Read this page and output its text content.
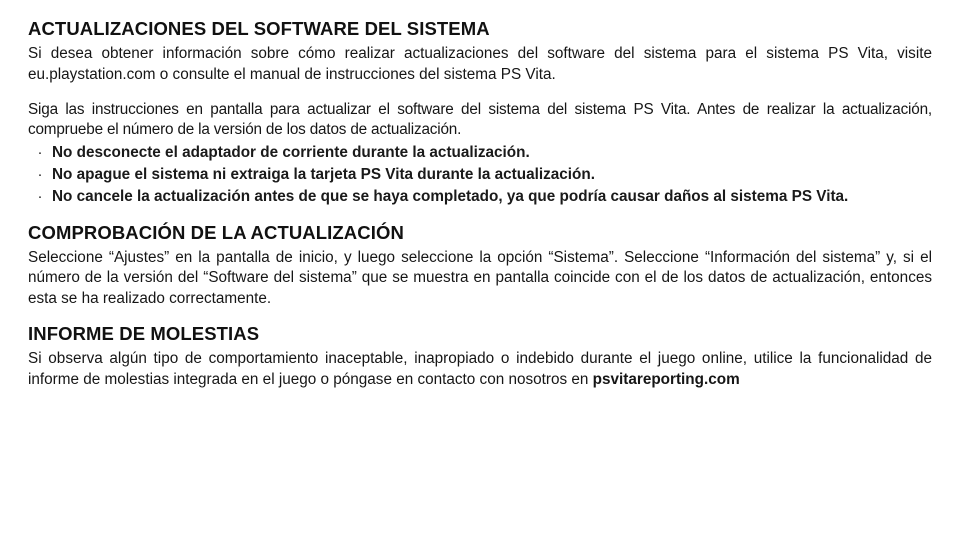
ACTUALIZACIONES DEL SOFTWARE DEL SISTEMA

Si desea obtener información sobre cómo realizar actualizaciones del software del sistema para el sistema PS Vita, visite eu.playstation.com o consulte el manual de instrucciones del sistema PS Vita.

Siga las instrucciones en pantalla para actualizar el software del sistema del sistema PS Vita. Antes de realizar la actualización, compruebe el número de la versión de los datos de actualización.

· No desconecte el adaptador de corriente durante la actualización.
· No apague el sistema ni extraiga la tarjeta PS Vita durante la actualización.
· No cancele la actualización antes de que se haya completado, ya que podría causar daños al sistema PS Vita.
COMPROBACIÓN DE LA ACTUALIZACIÓN

Seleccione “Ajustes” en la pantalla de inicio, y luego seleccione la opción “Sistema”. Seleccione “Información del sistema” y, si el número de la versión del “Software del sistema” que se muestra en pantalla coincide con el de los datos de actualización, entonces esta se ha realizado correctamente.

INFORME DE MOLESTIAS

Si observa algún tipo de comportamiento inaceptable, inapropiado o indebido durante el juego online, utilice la funcionalidad de informe de molestias integrada en el juego o póngase en contacto con nosotros en psvitareporting.com
